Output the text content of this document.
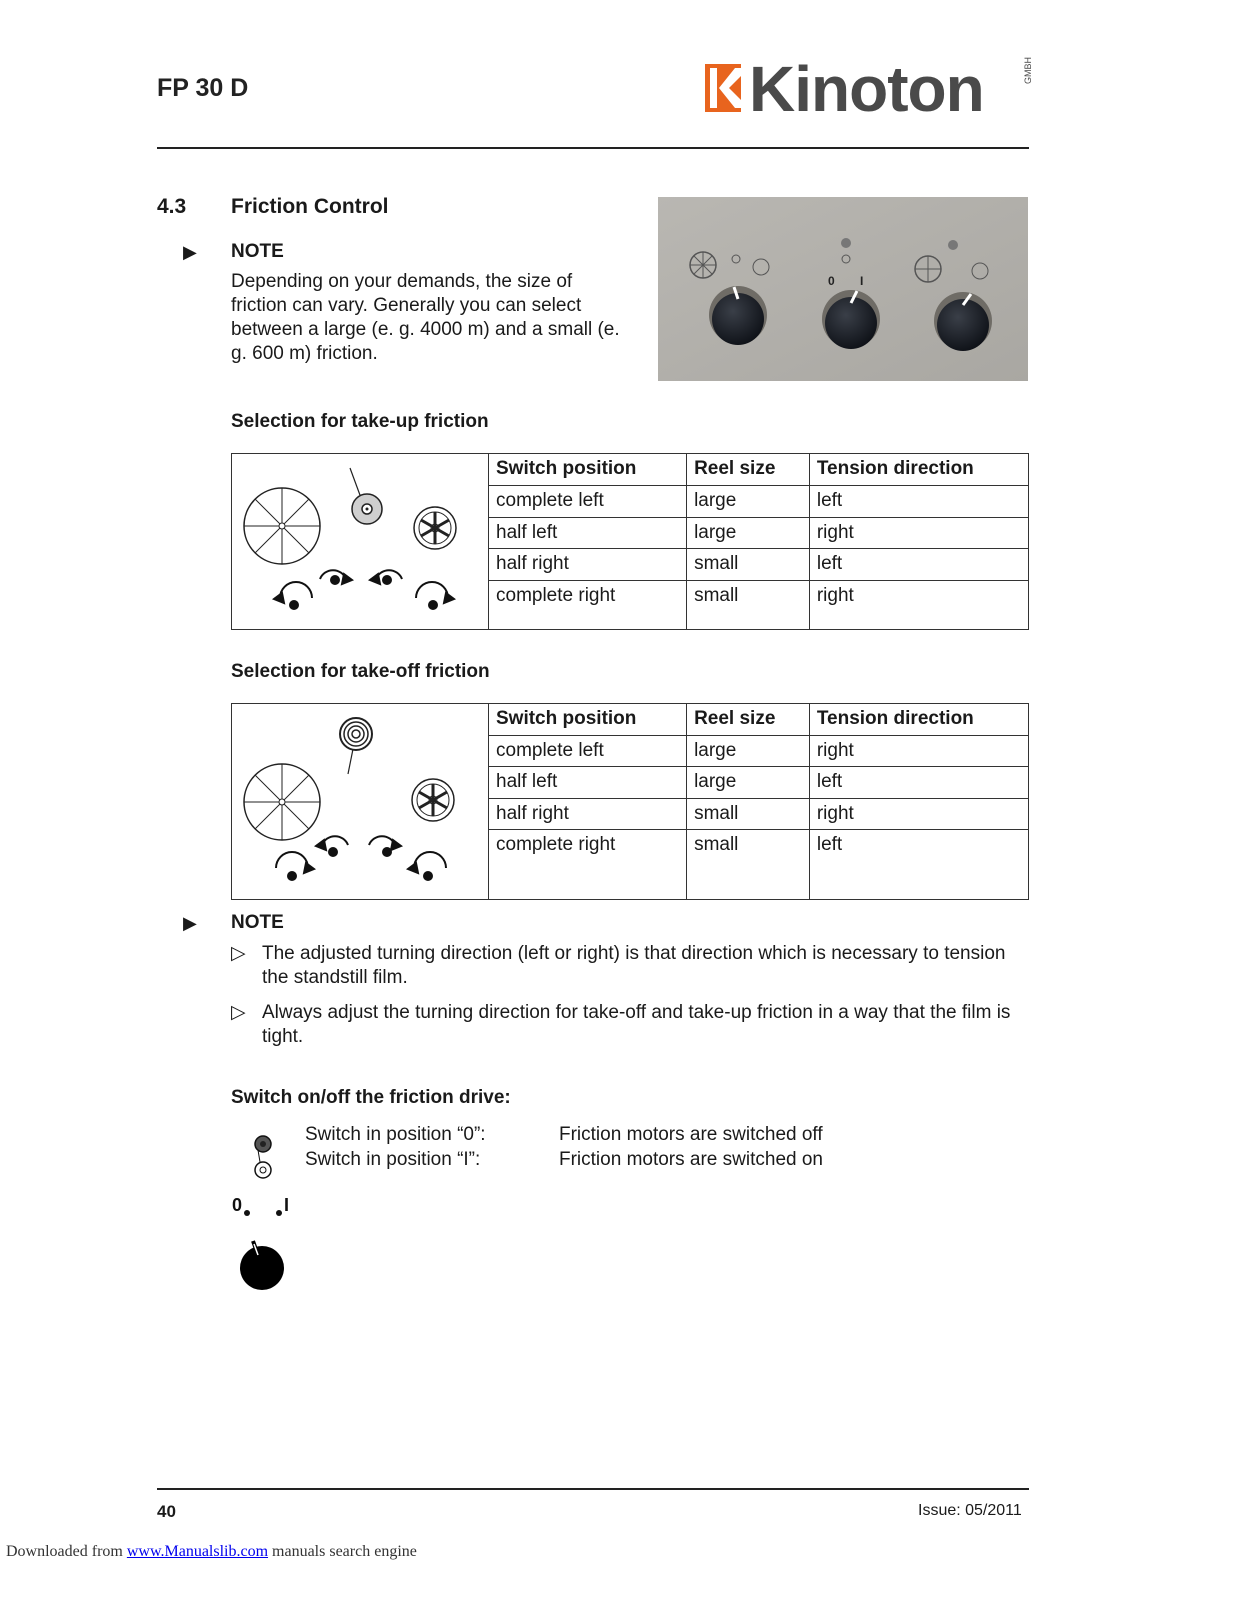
FP 30 D	Kinoton	GMBH
4.3 Friction Control
▶ NOTE
Depending on your demands, the size of friction can vary. Generally you can select between a large (e. g. 4000 m) and a small (e. g. 600 m) friction.
0 I
Selection for take-up friction
	Switch position	Reel size	Tension direction
	complete left	large	left
	half left	large	right
	half right	small	left
	complete right	small	right
Selection for take-off friction
	Switch position	Reel size	Tension direction
	complete left	large	right
	half left	large	left
	half right	small	right
	complete right	small	left
▶ NOTE
▷ The adjusted turning direction (left or right) is that direction which is necessary to tension the standstill film.
▷ Always adjust the turning direction for take-off and take-up friction in a way that the film is tight.
Switch on/off the friction drive:
0 I
Switch in position “0”:	Friction motors are switched off
Switch in position “I”:	Friction motors are switched on
40	Issue: 05/2011
Downloaded from www.Manualslib.com manuals search engine
